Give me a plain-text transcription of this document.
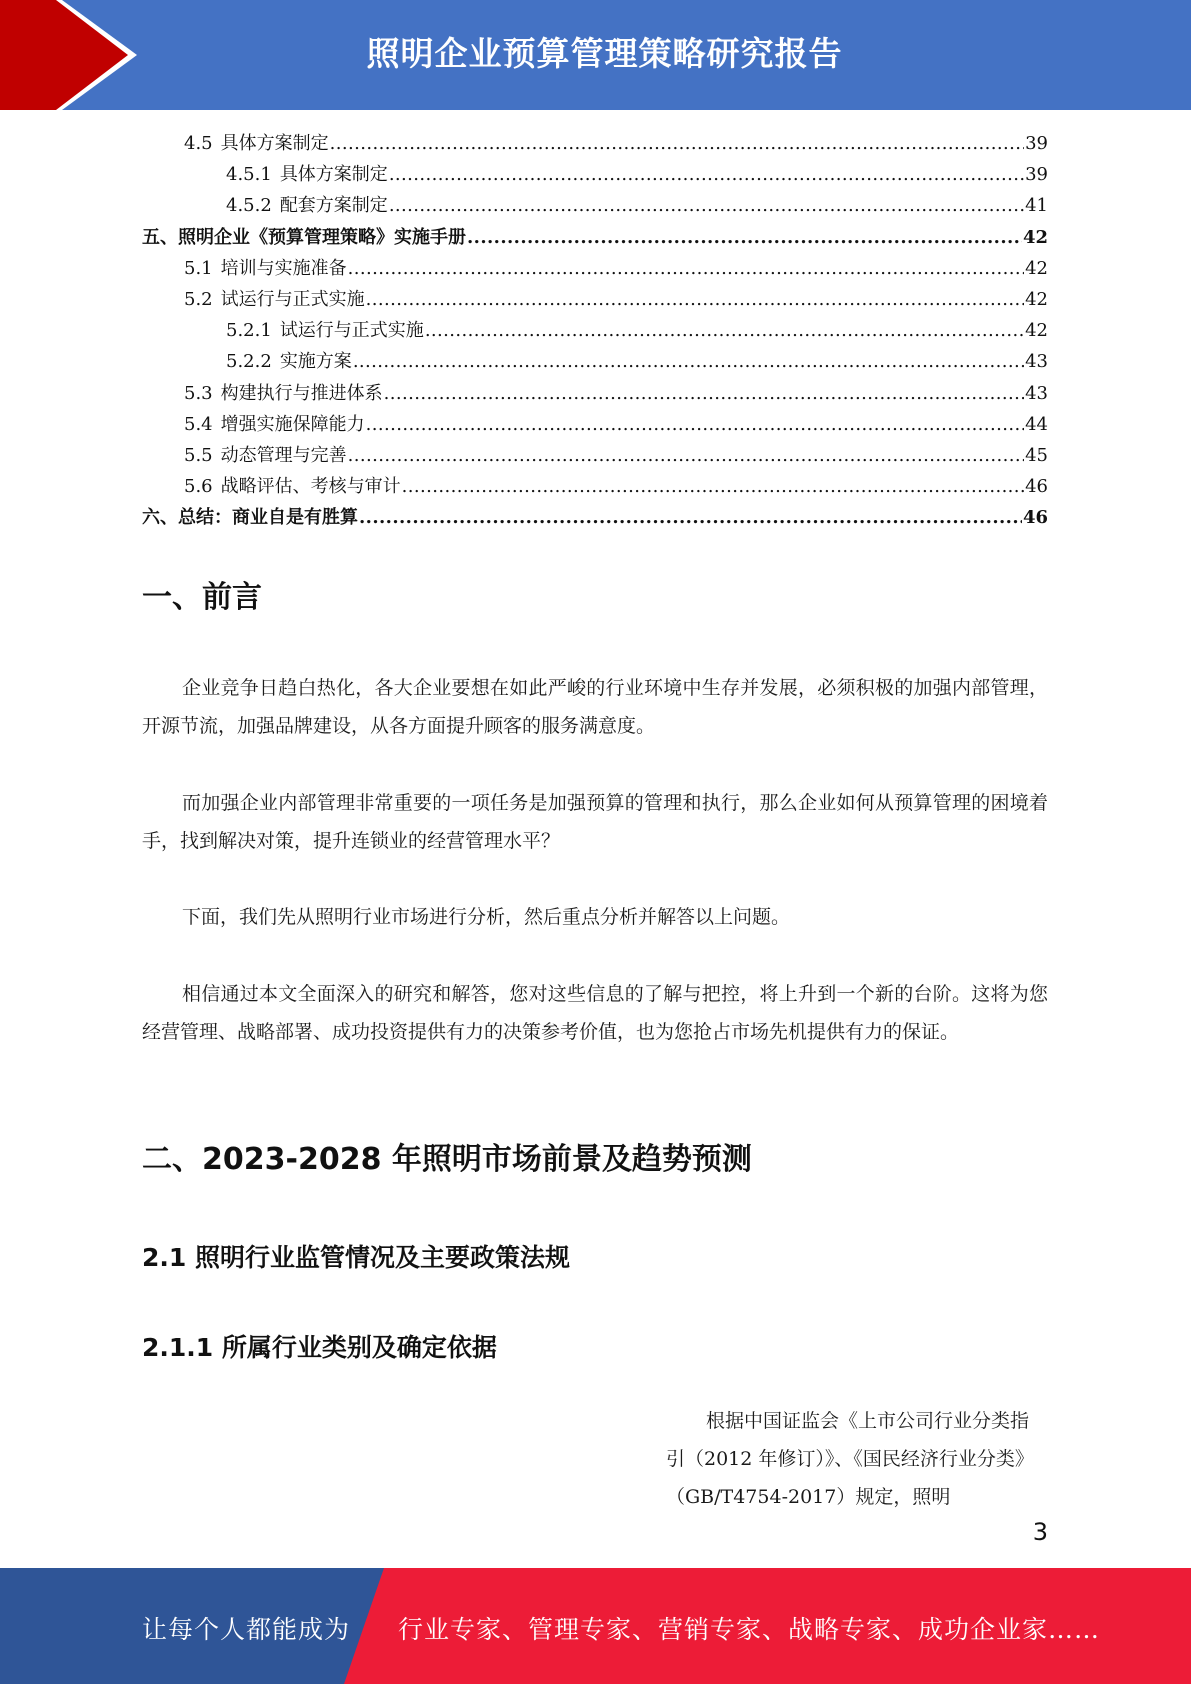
照明企业预算管理策略研究报告
4.5 具体方案制定 .....	39
4.5.1 具体方案制定 .....	39
4.5.2 配套方案制定 .....	41
五、 照明企业《预算管理策略》实施手册 .....	42
5.1 培训与实施准备 .....	42
5.2 试运行与正式实施 .....	42
5.2.1 试运行与正式实施 .....	42
5.2.2 实施方案 .....	43
5.3 构建执行与推进体系 .....	43
5.4 增强实施保障能力 .....	44
5.5 动态管理与完善 .....	45
5.6 战略评估、考核与审计 .....	46
六、 总结：商业自是有胜算 .....	46
一、前言
企业竞争日趋白热化，各大企业要想在如此严峻的行业环境中生存并发展，必须积极的加强内部管理，开源节流，加强品牌建设，从各方面提升顾客的服务满意度。
而加强企业内部管理非常重要的一项任务是加强预算的管理和执行，那么企业如何从预算管理的困境着手，找到解决对策，提升连锁业的经营管理水平？
下面，我们先从照明行业市场进行分析，然后重点分析并解答以上问题。
相信通过本文全面深入的研究和解答，您对这些信息的了解与把控，将上升到一个新的台阶。这将为您经营管理、战略部署、成功投资提供有力的决策参考价值，也为您抢占市场先机提供有力的保证。
二、2023-2028 年照明市场前景及趋势预测
2.1 照明行业监管情况及主要政策法规
2.1.1 所属行业类别及确定依据
根据中国证监会《上市公司行业分类指引（2012 年修订）》、《国民经济行业分类》（GB/T4754-2017）规定，照明
3
让每个人都能成为 行业专家、管理专家、营销专家、战略专家、成功企业家……
